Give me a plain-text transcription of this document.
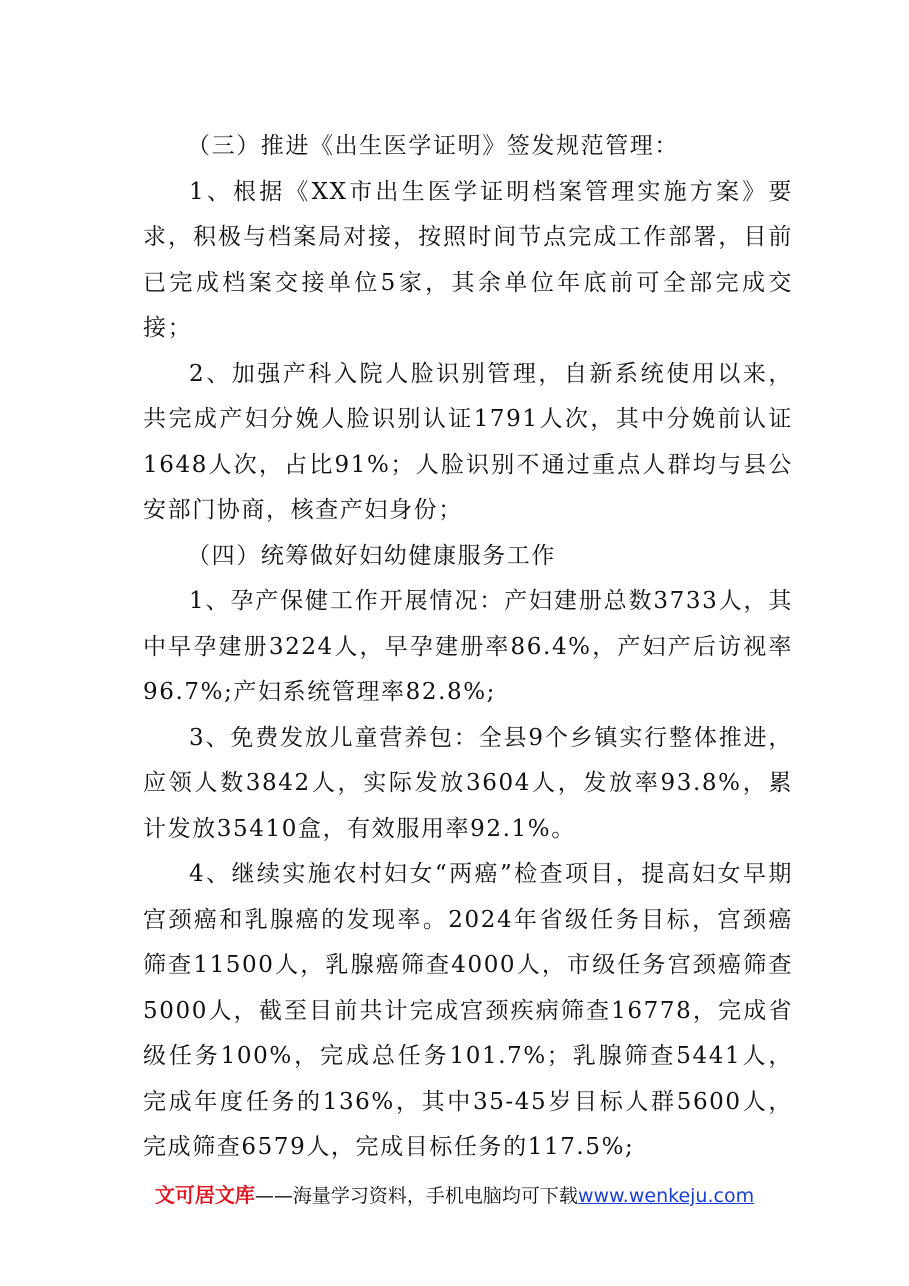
（三）推进《出生医学证明》签发规范管理：

1、根据《XX市出生医学证明档案管理实施方案》要求，积极与档案局对接，按照时间节点完成工作部署，目前已完成档案交接单位5家，其余单位年底前可全部完成交接；

2、加强产科入院人脸识别管理，自新系统使用以来，共完成产妇分娩人脸识别认证1791人次，其中分娩前认证1648人次，占比91%；人脸识别不通过重点人群均与县公安部门协商，核查产妇身份；

（四）统筹做好妇幼健康服务工作

1、孕产保健工作开展情况：产妇建册总数3733人，其中早孕建册3224人，早孕建册率86.4%，产妇产后访视率96.7%;产妇系统管理率82.8%;

3、免费发放儿童营养包：全县9个乡镇实行整体推进，应领人数3842人，实际发放3604人，发放率93.8%，累计发放35410盒，有效服用率92.1%。

4、继续实施农村妇女“两癌”检查项目，提高妇女早期宫颈癌和乳腺癌的发现率。2024年省级任务目标，宫颈癌筛查11500人，乳腺癌筛查4000人，市级任务宫颈癌筛查5000人，截至目前共计完成宫颈疾病筛查16778，完成省级任务100%，完成总任务101.7%；乳腺筛查5441人，完成年度任务的136%，其中35-45岁目标人群5600人，完成筛查6579人，完成目标任务的117.5%;

文可居文库——海量学习资料，手机电脑均可下载www.wenkeju.com
